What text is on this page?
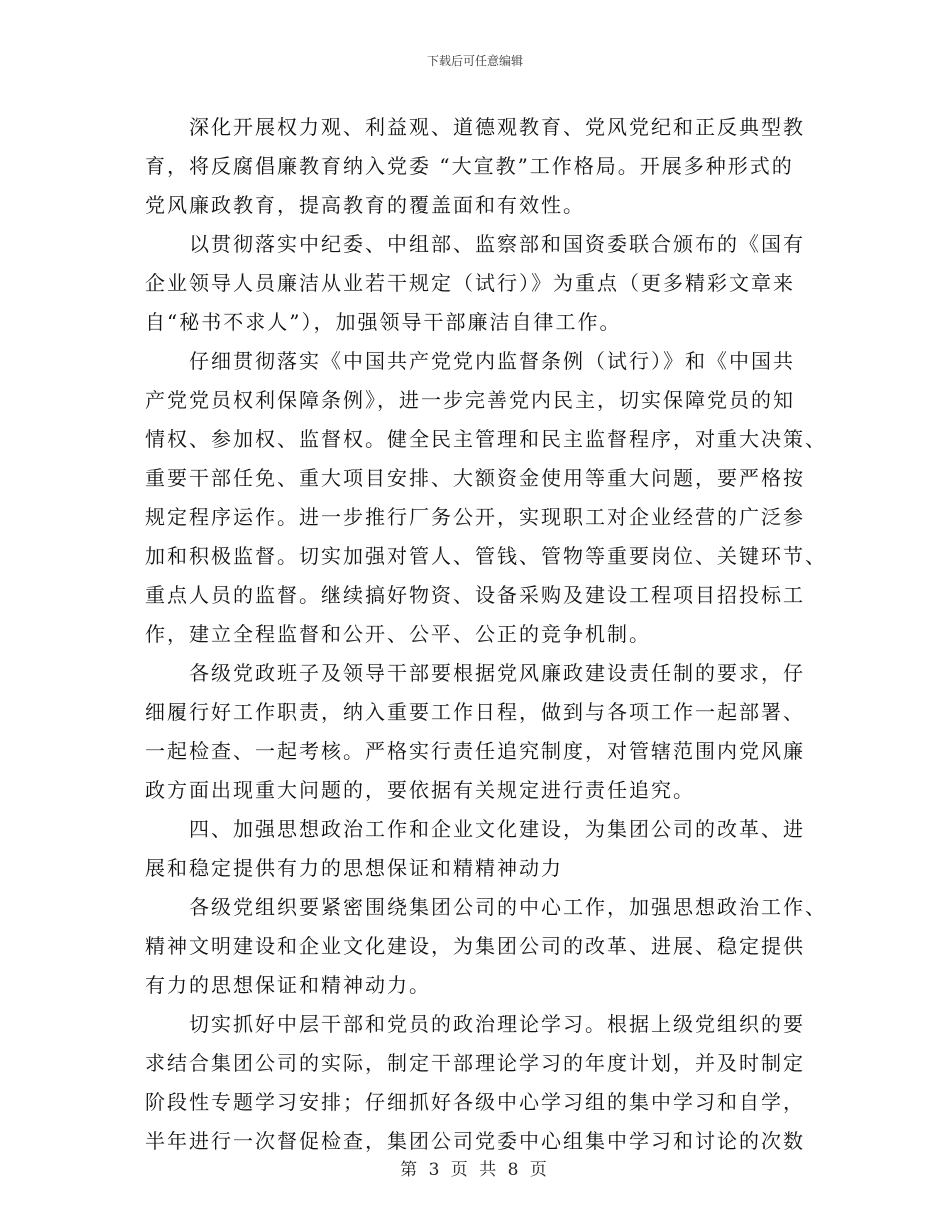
下载后可任意编辑
深化开展权力观、利益观、道德观教育、党风党纪和正反典型教
育，将反腐倡廉教育纳入党委 “大宣教”工作格局。开展多种形式的
党风廉政教育，提高教育的覆盖面和有效性。
以贯彻落实中纪委、中组部、监察部和国资委联合颁布的《国有
企业领导人员廉洁从业若干规定（试行）》为重点（更多精彩文章来
自“秘书不求人”），加强领导干部廉洁自律工作。
仔细贯彻落实《中国共产党党内监督条例（试行）》和《中国共
产党党员权利保障条例》，进一步完善党内民主，切实保障党员的知
情权、参加权、监督权。健全民主管理和民主监督程序，对重大决策、
重要干部任免、重大项目安排、大额资金使用等重大问题，要严格按
规定程序运作。进一步推行厂务公开，实现职工对企业经营的广泛参
加和积极监督。切实加强对管人、管钱、管物等重要岗位、关键环节、
重点人员的监督。继续搞好物资、设备采购及建设工程项目招投标工
作，建立全程监督和公开、公平、公正的竞争机制。
各级党政班子及领导干部要根据党风廉政建设责任制的要求，仔
细履行好工作职责，纳入重要工作日程，做到与各项工作一起部署、
一起检查、一起考核。严格实行责任追究制度，对管辖范围内党风廉
政方面出现重大问题的，要依据有关规定进行责任追究。
四、加强思想政治工作和企业文化建设，为集团公司的改革、进
展和稳定提供有力的思想保证和精精神动力
各级党组织要紧密围绕集团公司的中心工作，加强思想政治工作、
精神文明建设和企业文化建设，为集团公司的改革、进展、稳定提供
有力的思想保证和精神动力。
切实抓好中层干部和党员的政治理论学习。根据上级党组织的要
求结合集团公司的实际，制定干部理论学习的年度计划，并及时制定
阶段性专题学习安排；仔细抓好各级中心学习组的集中学习和自学，
半年进行一次督促检查，集团公司党委中心组集中学习和讨论的次数
第 3 页 共 8 页
